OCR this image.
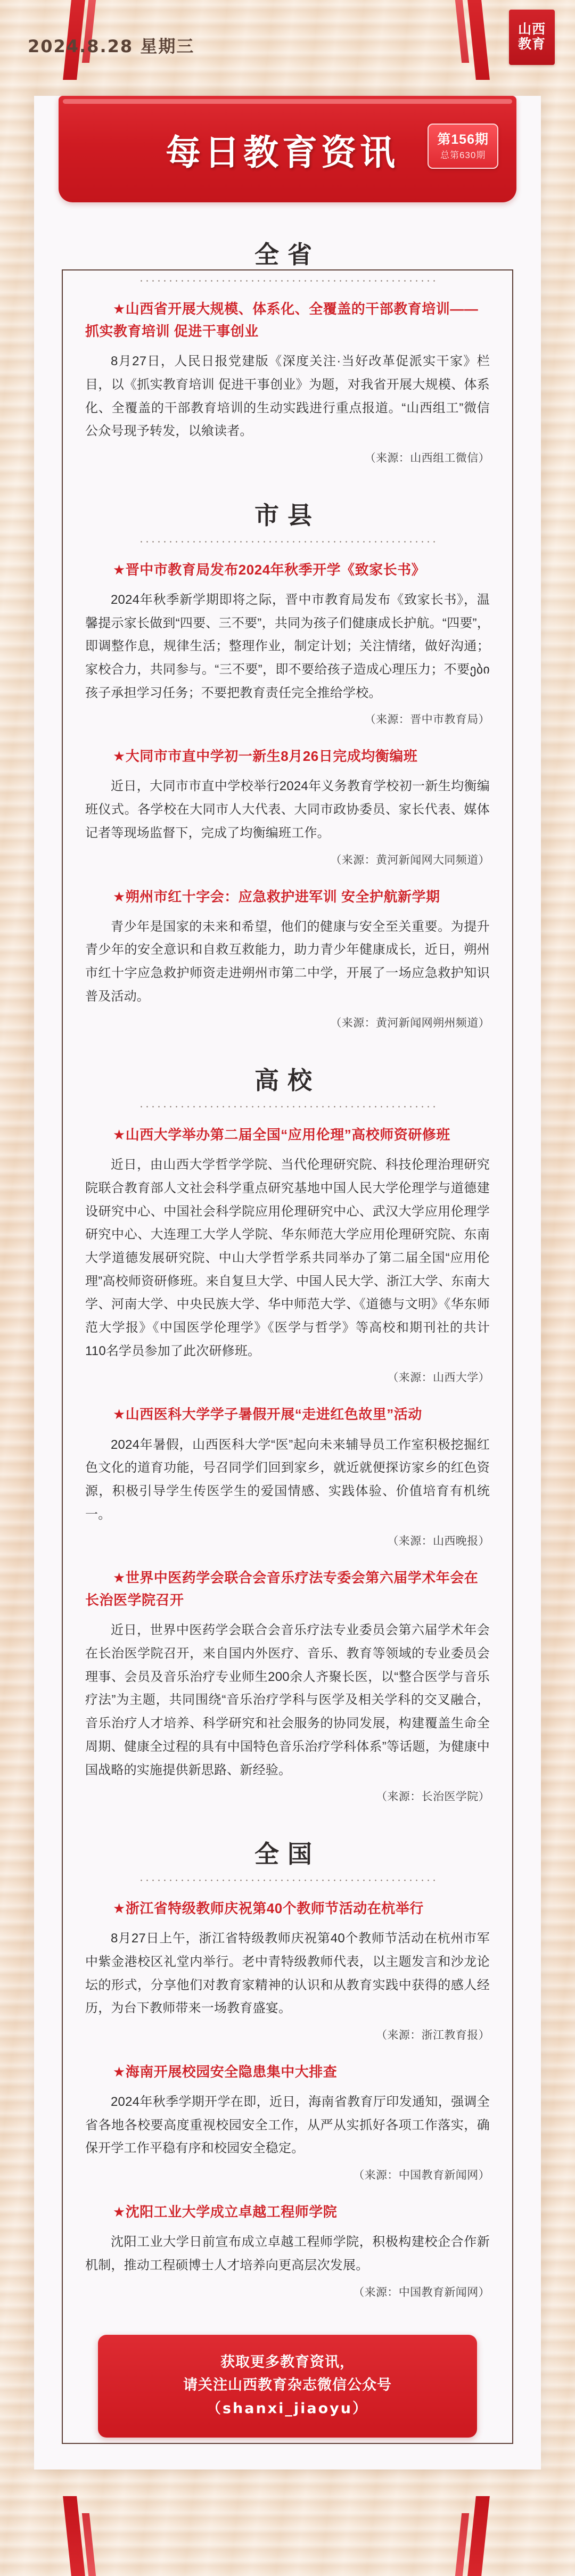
2024.8.28 星期三
山西
教育
每日教育资讯	第156期
总第630期
全省
★山西省开展大规模、体系化、全覆盖的干部教育培训——抓实教育培训 促进干事创业

8月27日，人民日报党建版《深度关注·当好改革促派实干家》栏目，以《抓实教育培训 促进干事创业》为题，对我省开展大规模、体系化、全覆盖的干部教育培训的生动实践进行重点报道。“山西组工”微信公众号现予转发，以飨读者。

（来源：山西组工微信）
市县
★晋中市教育局发布2024年秋季开学《致家长书》

2024年秋季新学期即将之际，晋中市教育局发布《致家长书》，温馨提示家长做到“四要、三不要”，共同为孩子们健康成长护航。“四要”，即调整作息，规律生活；整理作业，制定计划；关注情绪，做好沟通；家校合力，共同参与。“三不要”，即不要给孩子造成心理压力；不要ები孩子承担学习任务；不要把教育责任完全推给学校。

（来源：晋中市教育局）
★大同市市直中学初一新生8月26日完成均衡编班

近日，大同市市直中学校举行2024年义务教育学校初一新生均衡编班仪式。各学校在大同市人大代表、大同市政协委员、家长代表、媒体记者等现场监督下，完成了均衡编班工作。

（来源：黄河新闻网大同频道）
★朔州市红十字会：应急救护进军训 安全护航新学期

青少年是国家的未来和希望，他们的健康与安全至关重要。为提升青少年的安全意识和自救互救能力，助力青少年健康成长，近日，朔州市红十字应急救护师资走进朔州市第二中学，开展了一场应急救护知识普及活动。

（来源：黄河新闻网朔州频道）
高校
★山西大学举办第二届全国“应用伦理”高校师资研修班

近日，由山西大学哲学学院、当代伦理研究院、科技伦理治理研究院联合教育部人文社会科学重点研究基地中国人民大学伦理学与道德建设研究中心、中国社会科学院应用伦理研究中心、武汉大学应用伦理学研究中心、大连理工大学人学院、华东师范大学应用伦理研究院、东南大学道德发展研究院、中山大学哲学系共同举办了第二届全国“应用伦理”高校师资研修班。来自复旦大学、中国人民大学、浙江大学、东南大学、河南大学、中央民族大学、华中师范大学、《道德与文明》《华东师范大学报》《中国医学伦理学》《医学与哲学》等高校和期刊社的共计110名学员参加了此次研修班。

（来源：山西大学）
★山西医科大学学子暑假开展“走进红色故里”活动

2024年暑假，山西医科大学“医”起向未来辅导员工作室积极挖掘红色文化的道育功能，号召同学们回到家乡，就近就便探访家乡的红色资源，积极引导学生传医学生的爱国情感、实践体验、价值培育有机统一。

（来源：山西晚报）
★世界中医药学会联合会音乐疗法专委会第六届学术年会在长治医学院召开

近日，世界中医药学会联合会音乐疗法专业委员会第六届学术年会在长治医学院召开，来自国内外医疗、音乐、教育等领域的专业委员会理事、会员及音乐治疗专业师生200余人齐聚长医，以“整合医学与音乐疗法”为主题，共同围绕“音乐治疗学科与医学及相关学科的交叉融合，音乐治疗人才培养、科学研究和社会服务的协同发展，构建覆盖生命全周期、健康全过程的具有中国特色音乐治疗学科体系”等话题，为健康中国战略的实施提供新思路、新经验。

（来源：长治医学院）
全国
★浙江省特级教师庆祝第40个教师节活动在杭举行

8月27日上午，浙江省特级教师庆祝第40个教师节活动在杭州市军中紫金港校区礼堂内举行。老中青特级教师代表，以主题发言和沙龙论坛的形式，分享他们对教育家精神的认识和从教育实践中获得的感人经历，为台下教师带来一场教育盛宴。

（来源：浙江教育报）
★海南开展校园安全隐患集中大排查

2024年秋季学期开学在即，近日，海南省教育厅印发通知，强调全省各地各校要高度重视校园安全工作，从严从实抓好各项工作落实，确保开学工作平稳有序和校园安全稳定。

（来源：中国教育新闻网）
★沈阳工业大学成立卓越工程师学院

沈阳工业大学日前宣布成立卓越工程师学院，积极构建校企合作新机制，推动工程硕博士人才培养向更高层次发展。

（来源：中国教育新闻网）
获取更多教育资讯，
请关注山西教育杂志微信公众号
（shanxi_jiaoyu）
